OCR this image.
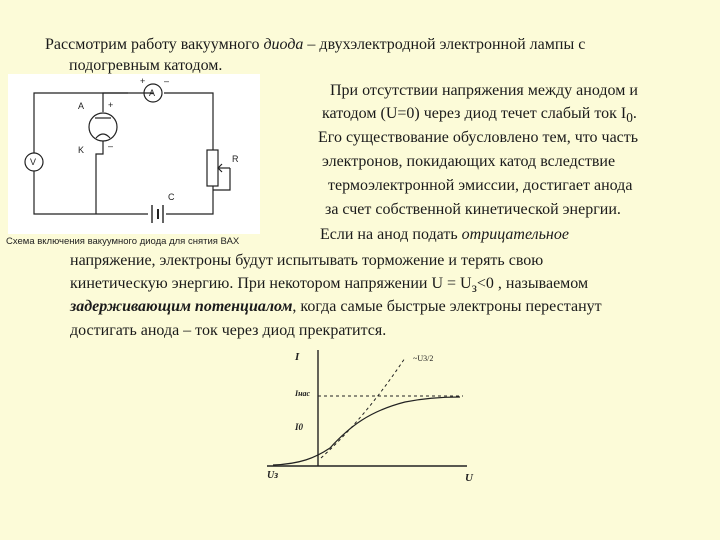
Рассмотрим работу вакуумного диода – двухэлектродной электронной лампы с
подогревным катодом.
При отсутствии напряжения между анодом и
катодом (U=0) через диод течет слабый ток $I_0$.
Его существование обусловлено тем, что часть
электронов, покидающих катод вследствие
термоэлектронной эмиссии, достигает анода
за счет собственной кинетической энергии.
Если на анод подать отрицательное
напряжение, электроны будут испытывать торможение и терять свою
кинетическую энергию. При некотором напряжении $U = U_з<0$ , называемом
задерживающим потенциалом, когда самые быстрые электроны перестанут
достигать анода – ток через диод прекратится.
A
K
A
V	R
C
+
–
+ –
Схема включения вакуумного диода для снятия ВАХ
I
U
Iнас
I0
Uз
~U3/2
